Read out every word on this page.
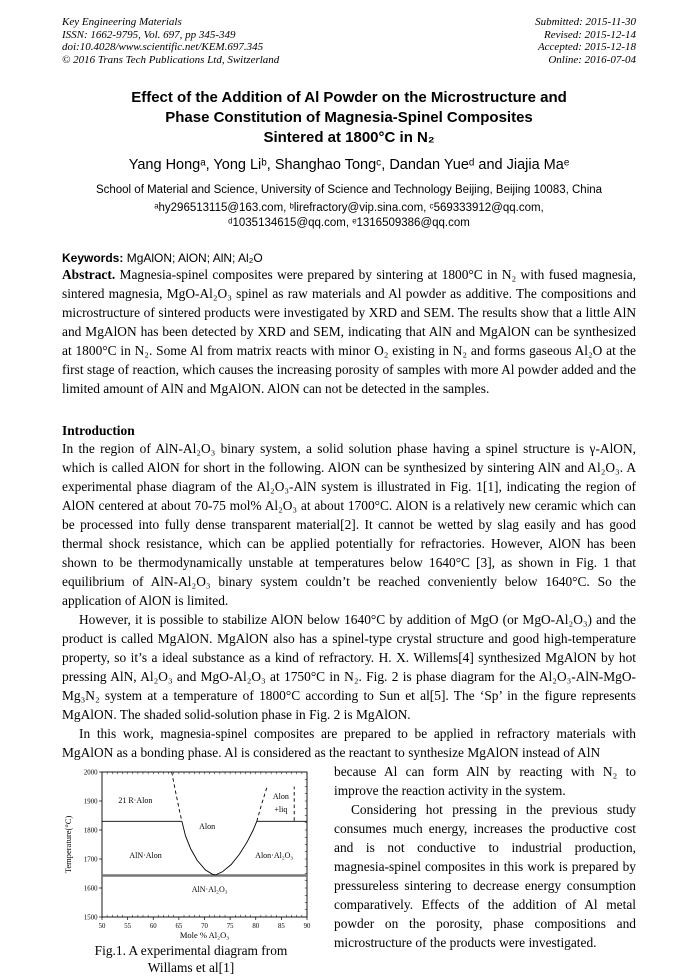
Key Engineering Materials
ISSN: 1662-9795, Vol. 697, pp 345-349
doi:10.4028/www.scientific.net/KEM.697.345
© 2016 Trans Tech Publications Ltd, Switzerland
Submitted: 2015-11-30
Revised: 2015-12-14
Accepted: 2015-12-18
Online: 2016-07-04
Effect of the Addition of Al Powder on the Microstructure and
Phase Constitution of Magnesia-Spinel Composites
Sintered at 1800°C in N₂
Yang Hongᵃ, Yong Liᵇ, Shanghao Tongᶜ, Dandan Yueᵈ and Jiajia Maᵉ
School of Material and Science, University of Science and Technology Beijing, Beijing 10083, China
ᵃhy296513115@163.com, ᵇlirefractory@vip.sina.com, ᶜ569333912@qq.com,
ᵈ1035134615@qq.com, ᵉ1316509386@qq.com
Keywords: MgAlON; AlON; AlN; Al₂O

Abstract. Magnesia-spinel composites were prepared by sintering at 1800°C in N₂ with fused magnesia, sintered magnesia, MgO-Al₂O₃ spinel as raw materials and Al powder as additive. The compositions and microstructure of sintered products were investigated by XRD and SEM. The results show that a little AlN and MgAlON has been detected by XRD and SEM, indicating that AlN and MgAlON can be synthesized at 1800°C in N₂. Some Al from matrix reacts with minor O₂ existing in N₂ and forms gaseous Al₂O at the first stage of reaction, which causes the increasing porosity of samples with more Al powder added and the limited amount of AlN and MgAlON. AlON can not be detected in the samples.

Introduction

In the region of AlN-Al₂O₃ binary system, a solid solution phase having a spinel structure is γ-AlON, which is called AlON for short in the following. AlON can be synthesized by sintering AlN and Al₂O₃. A experimental phase diagram of the Al₂O₃-AlN system is illustrated in Fig. 1[1], indicating the region of AlON centered at about 70-75 mol% Al₂O₃ at about 1700°C. AlON is a relatively new ceramic which can be processed into fully dense transparent material[2]. It cannot be wetted by slag easily and has good thermal shock resistance, which can be applied potentially for refractories. However, AlON has been shown to be thermodynamically unstable at temperatures below 1640°C [3], as shown in Fig. 1 that equilibrium of AlN-Al₂O₃ binary system couldn’t be reached conveniently below 1640°C. So the application of AlON is limited.

However, it is possible to stabilize AlON below 1640°C by addition of MgO (or MgO-Al₂O₃) and the product is called MgAlON. MgAlON also has a spinel-type crystal structure and good high-temperature property, so it’s a ideal substance as a kind of refractory. H. X. Willems[4] synthesized MgAlON by hot pressing AlN, Al₂O₃ and MgO-Al₂O₃ at 1750°C in N₂. Fig. 2 is phase diagram for the Al₂O₃-AlN-MgO-Mg₃N₂ system at a temperature of 1800°C according to Sun et al[5]. The ‘Sp’ in the figure represents MgAlON. The shaded solid-solution phase in Fig. 2 is MgAlON.

In this work, magnesia-spinel composites are prepared to be applied in refractory materials with MgAlON as a bonding phase. Al is considered as the reactant to synthesize MgAlON instead of AlN

50	55	60	65	70	75	80	85	90
1500
1600
1700
1800
1900
2000
Mole % Al₂O₃
Temperature(°C)
21 R·Alon
Alon
Alon
+liq
AlN·Alon	Alon·Al₂O₃
AlN·Al₂O₃
Fig.1. A experimental diagram from
Willams et al[1]

because Al can form AlN by reacting with N₂ to improve the reaction activity in the system.

Considering hot pressing in the previous study consumes much energy, increases the productive cost and is not conductive to industrial production, magnesia-spinel composites in this work is prepared by pressureless sintering to decrease energy consumption comparatively. Effects of the addition of Al metal powder on the porosity, phase compositions and microstructure of the products were investigated.
